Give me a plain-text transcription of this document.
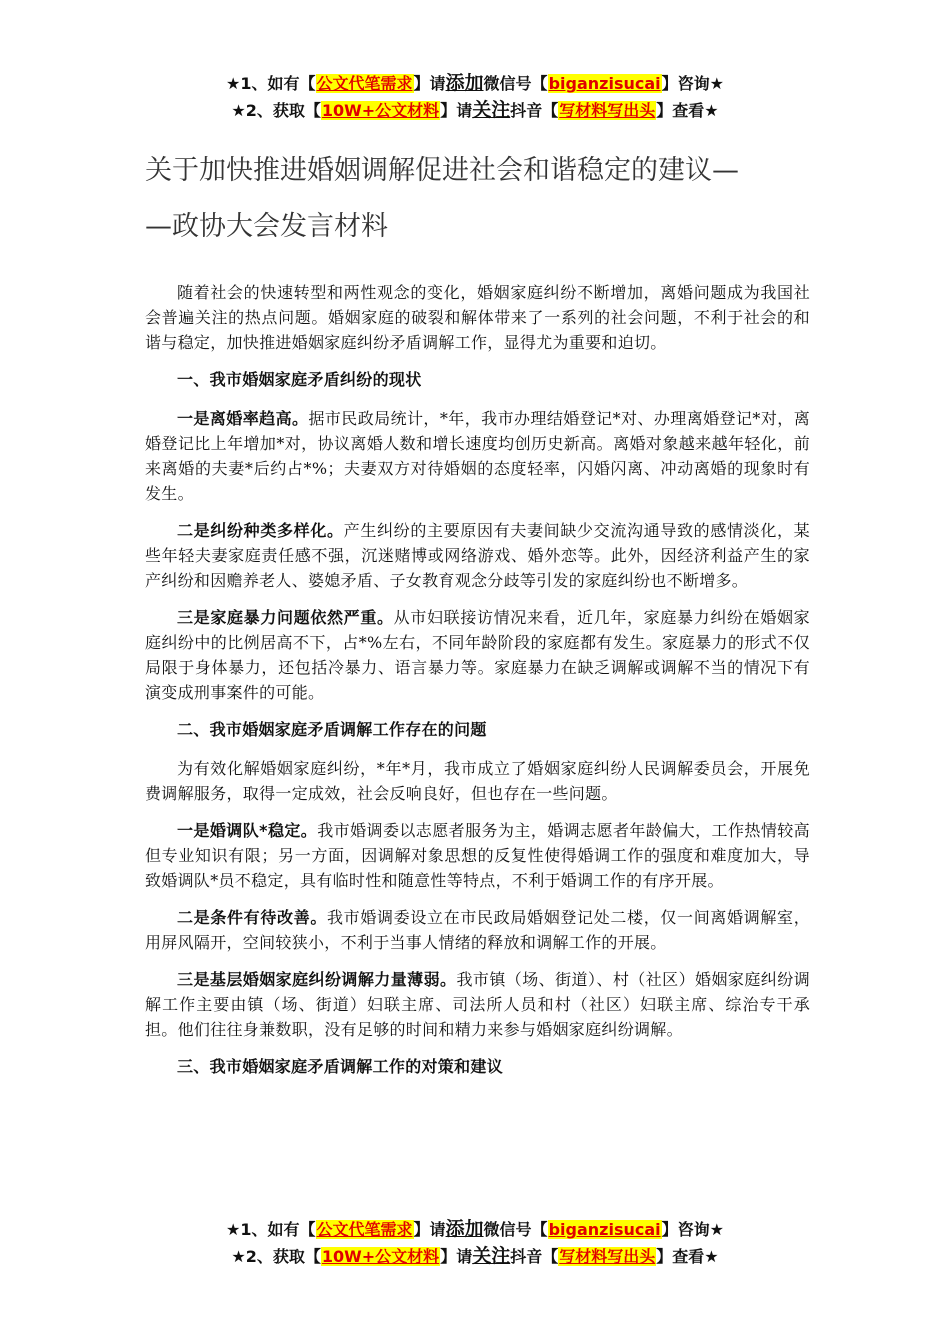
★1、如有【公文代笔需求】请添加微信号【biganzisucai】咨询★
★2、获取【10W+公文材料】请关注抖音【写材料写出头】查看★
关于加快推进婚姻调解促进社会和谐稳定的建议—
—政协大会发言材料

随着社会的快速转型和两性观念的变化，婚姻家庭纠纷不断增加，离婚问题成为我国社会普遍关注的热点问题。婚姻家庭的破裂和解体带来了一系列的社会问题，不利于社会的和谐与稳定，加快推进婚姻家庭纠纷矛盾调解工作，显得尤为重要和迫切。

一、我市婚姻家庭矛盾纠纷的现状

一是离婚率趋高。据市民政局统计，*年，我市办理结婚登记*对、办理离婚登记*对，离婚登记比上年增加*对，协议离婚人数和增长速度均创历史新高。离婚对象越来越年轻化，前来离婚的夫妻*后约占*%；夫妻双方对待婚姻的态度轻率，闪婚闪离、冲动离婚的现象时有发生。

二是纠纷种类多样化。产生纠纷的主要原因有夫妻间缺少交流沟通导致的感情淡化，某些年轻夫妻家庭责任感不强，沉迷赌博或网络游戏、婚外恋等。此外，因经济利益产生的家产纠纷和因赡养老人、婆媳矛盾、子女教育观念分歧等引发的家庭纠纷也不断增多。

三是家庭暴力问题依然严重。从市妇联接访情况来看，近几年，家庭暴力纠纷在婚姻家庭纠纷中的比例居高不下，占*%左右，不同年龄阶段的家庭都有发生。家庭暴力的形式不仅局限于身体暴力，还包括冷暴力、语言暴力等。家庭暴力在缺乏调解或调解不当的情况下有演变成刑事案件的可能。

二、我市婚姻家庭矛盾调解工作存在的问题

为有效化解婚姻家庭纠纷，*年*月，我市成立了婚姻家庭纠纷人民调解委员会，开展免费调解服务，取得一定成效，社会反响良好，但也存在一些问题。

一是婚调队*稳定。我市婚调委以志愿者服务为主，婚调志愿者年龄偏大，工作热情较高但专业知识有限；另一方面，因调解对象思想的反复性使得婚调工作的强度和难度加大，导致婚调队*员不稳定，具有临时性和随意性等特点，不利于婚调工作的有序开展。

二是条件有待改善。我市婚调委设立在市民政局婚姻登记处二楼，仅一间离婚调解室，用屏风隔开，空间较狭小，不利于当事人情绪的释放和调解工作的开展。

三是基层婚姻家庭纠纷调解力量薄弱。我市镇（场、街道）、村（社区）婚姻家庭纠纷调解工作主要由镇（场、街道）妇联主席、司法所人员和村（社区）妇联主席、综治专干承担。他们往往身兼数职，没有足够的时间和精力来参与婚姻家庭纠纷调解。

三、我市婚姻家庭矛盾调解工作的对策和建议

★1、如有【公文代笔需求】请添加微信号【biganzisucai】咨询★
★2、获取【10W+公文材料】请关注抖音【写材料写出头】查看★
